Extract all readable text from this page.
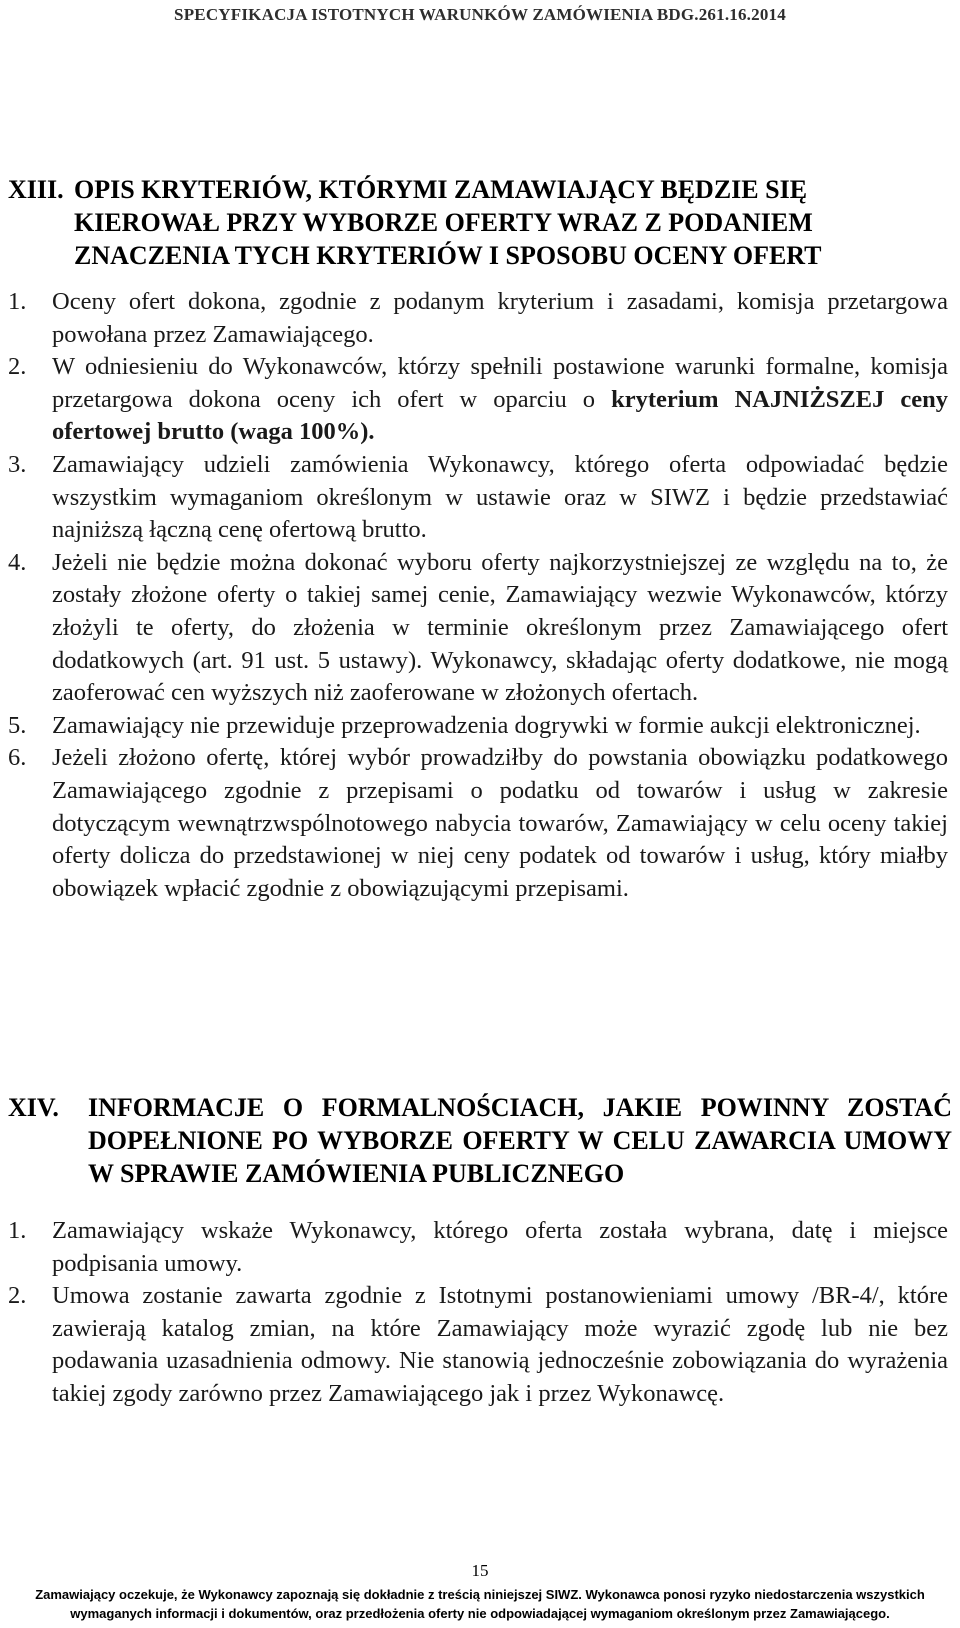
SPECYFIKACJA ISTOTNYCH WARUNKÓW ZAMÓWIENIA BDG.261.16.2014
XIII. OPIS KRYTERIÓW, KTÓRYMI ZAMAWIAJĄCY BĘDZIE SIĘ KIEROWAŁ PRZY WYBORZE OFERTY WRAZ Z PODANIEM ZNACZENIA TYCH KRYTERIÓW I SPOSOBU OCENY OFERT
1.	Oceny ofert dokona, zgodnie z podanym kryterium i zasadami, komisja przetargowa powołana przez Zamawiającego.
2.	W odniesieniu do Wykonawców, którzy spełnili postawione warunki formalne, komisja przetargowa dokona oceny ich ofert w oparciu o kryterium NAJNIŻSZEJ ceny ofertowej brutto (waga 100%).
3.	Zamawiający udzieli zamówienia Wykonawcy, którego oferta odpowiadać będzie wszystkim wymaganiom określonym w ustawie oraz w SIWZ i będzie przedstawiać najniższą łączną cenę ofertową brutto.
4.	Jeżeli nie będzie można dokonać wyboru oferty najkorzystniejszej ze względu na to, że zostały złożone oferty o takiej samej cenie, Zamawiający wezwie Wykonawców, którzy złożyli te oferty, do złożenia w terminie określonym przez Zamawiającego ofert dodatkowych (art. 91 ust. 5 ustawy). Wykonawcy, składając oferty dodatkowe, nie mogą zaoferować cen wyższych niż zaoferowane w złożonych ofertach.
5.	Zamawiający nie przewiduje przeprowadzenia dogrywki w formie aukcji elektronicznej.
6.	Jeżeli złożono ofertę, której wybór prowadziłby do powstania obowiązku podatkowego Zamawiającego zgodnie z przepisami o podatku od towarów i usług w zakresie dotyczącym wewnątrzwspólnotowego nabycia towarów, Zamawiający w celu oceny takiej oferty dolicza do przedstawionej w niej ceny podatek od towarów i usług, który miałby obowiązek wpłacić zgodnie z obowiązującymi przepisami.
XIV.	INFORMACJE O FORMALNOŚCIACH, JAKIE POWINNY ZOSTAĆ DOPEŁNIONE PO WYBORZE OFERTY W CELU ZAWARCIA UMOWY W SPRAWIE ZAMÓWIENIA PUBLICZNEGO
1.	Zamawiający wskaże Wykonawcy, którego oferta została wybrana, datę i miejsce podpisania umowy.
2.	Umowa zostanie zawarta zgodnie z Istotnymi postanowieniami umowy /BR-4/, które zawierają katalog zmian, na które Zamawiający może wyrazić zgodę lub nie bez podawania uzasadnienia odmowy. Nie stanowią jednocześnie zobowiązania do wyrażenia takiej zgody zarówno przez Zamawiającego jak i przez Wykonawcę.
15
Zamawiający oczekuje, że Wykonawcy zapoznają się dokładnie z treścią niniejszej SIWZ. Wykonawca ponosi ryzyko niedostarczenia wszystkich
wymaganych informacji i dokumentów, oraz przedłożenia oferty nie odpowiadającej wymaganiom określonym przez Zamawiającego.
